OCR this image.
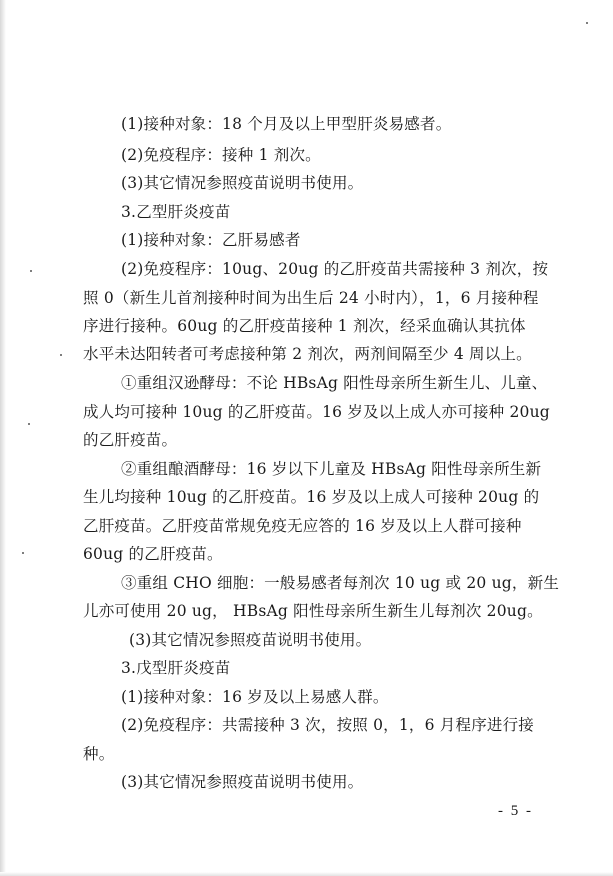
(1)接种对象：18 个月及以上甲型肝炎易感者。
(2)免疫程序：接种 1 剂次。
(3)其它情况参照疫苗说明书使用。
3.乙型肝炎疫苗
(1)接种对象：乙肝易感者
(2)免疫程序：10ug、20ug 的乙肝疫苗共需接种 3 剂次，按
照 0（新生儿首剂接种时间为出生后 24 小时内），1，6 月接种程
序进行接种。60ug 的乙肝疫苗接种 1 剂次，经采血确认其抗体
水平未达阳转者可考虑接种第 2 剂次，两剂间隔至少 4 周以上。
①重组汉逊酵母：不论 HBsAg 阳性母亲所生新生儿、儿童、
成人均可接种 10ug 的乙肝疫苗。16 岁及以上成人亦可接种 20ug
的乙肝疫苗。
②重组酿酒酵母：16 岁以下儿童及 HBsAg 阳性母亲所生新
生儿均接种 10ug 的乙肝疫苗。16 岁及以上成人可接种 20ug 的
乙肝疫苗。乙肝疫苗常规免疫无应答的 16 岁及以上人群可接种
60ug 的乙肝疫苗。
③重组 CHO 细胞：一般易感者每剂次 10 ug 或 20 ug，新生
儿亦可使用 20 ug， HBsAg 阳性母亲所生新生儿每剂次 20ug。
(3)其它情况参照疫苗说明书使用。
3.戊型肝炎疫苗
(1)接种对象：16 岁及以上易感人群。
(2)免疫程序：共需接种 3 次，按照 0，1，6 月程序进行接
种。
(3)其它情况参照疫苗说明书使用。
- 5 -
